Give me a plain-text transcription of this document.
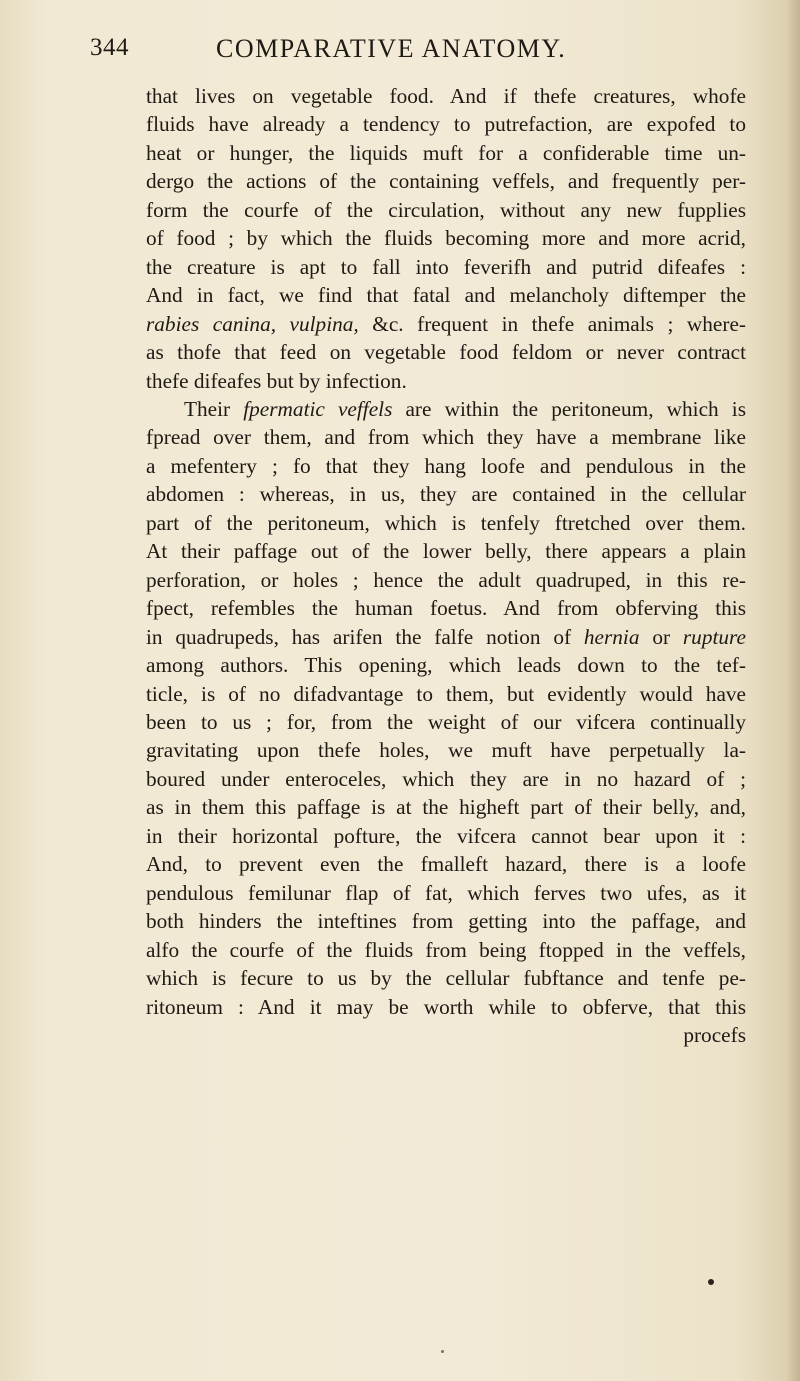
344	COMPARATIVE ANATOMY.
that lives on vegetable food. And if thefe creatures, whofe
fluids have already a tendency to putrefaction, are expofed to
heat or hunger, the liquids muft for a confiderable time un-
dergo the actions of the containing veffels, and frequently per-
form the courfe of the circulation, without any new fupplies
of food ; by which the fluids becoming more and more acrid,
the creature is apt to fall into feverifh and putrid difeafes :
And in fact, we find that fatal and melancholy diftemper the
rabies canina, vulpina, &c. frequent in thefe animals ; where-
as thofe that feed on vegetable food feldom or never contract
thefe difeafes but by infection.
Their fpermatic veffels are within the peritoneum, which is
fpread over them, and from which they have a membrane like
a mefentery ; fo that they hang loofe and pendulous in the
abdomen : whereas, in us, they are contained in the cellular
part of the peritoneum, which is tenfely ftretched over them.
At their paffage out of the lower belly, there appears a plain
perforation, or holes ; hence the adult quadruped, in this re-
fpect, refembles the human foetus. And from obferving this
in quadrupeds, has arifen the falfe notion of hernia or rupture
among authors. This opening, which leads down to the tef-
ticle, is of no difadvantage to them, but evidently would have
been to us ; for, from the weight of our vifcera continually
gravitating upon thefe holes, we muft have perpetually la-
boured under enteroceles, which they are in no hazard of ;
as in them this paffage is at the higheft part of their belly, and,
in their horizontal pofture, the vifcera cannot bear upon it :
And, to prevent even the fmalleft hazard, there is a loofe
pendulous femilunar flap of fat, which ferves two ufes, as it
both hinders the inteftines from getting into the paffage, and
alfo the courfe of the fluids from being ftopped in the veffels,
which is fecure to us by the cellular fubftance and tenfe pe-
ritoneum : And it may be worth while to obferve, that this
procefs
